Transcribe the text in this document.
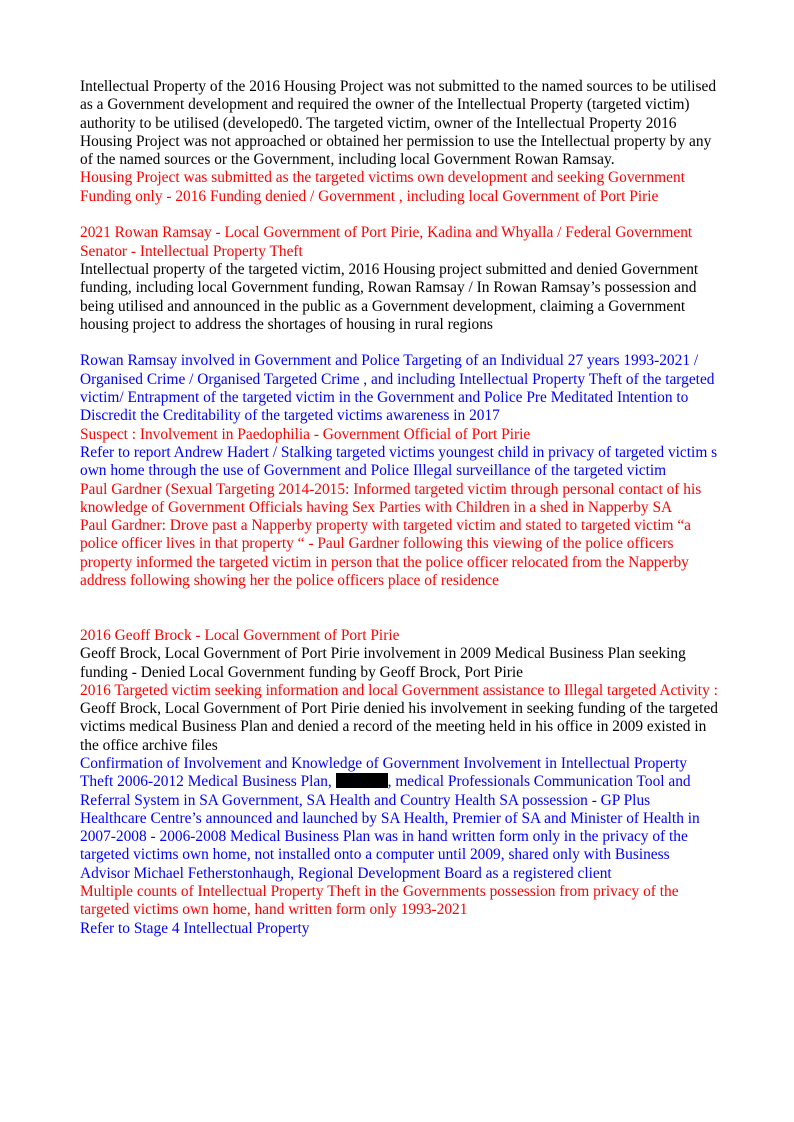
Intellectual Property of the 2016 Housing Project was not submitted to the named sources to be utilised as a Government development and required the owner of the Intellectual Property (targeted victim) authority to be utilised (developed0. The targeted victim, owner of the Intellectual Property 2016 Housing Project was not approached or obtained her permission to use the Intellectual property by any of the named sources or the Government, including local Government Rowan Ramsay.

Housing Project was submitted as the targeted victims own development and seeking Government Funding only - 2016 Funding denied / Government , including local Government of Port Pirie

2021 Rowan Ramsay - Local Government of Port Pirie, Kadina and Whyalla / Federal Government Senator - Intellectual Property Theft

Intellectual property of the targeted victim, 2016 Housing project submitted and denied Government funding, including local Government funding, Rowan Ramsay / In Rowan Ramsay’s possession and being utilised and announced in the public as a Government development, claiming a Government housing project to address the shortages of housing in rural regions

Rowan Ramsay involved in Government and Police Targeting of an Individual 27 years 1993-2021 / Organised Crime / Organised Targeted Crime , and including Intellectual Property Theft of the targeted victim/ Entrapment of the targeted victim in the Government and Police Pre Meditated Intention to Discredit the Creditability of the targeted victims awareness in 2017

Suspect : Involvement in Paedophilia - Government Official of Port Pirie

Refer to report Andrew Hadert / Stalking targeted victims youngest child in privacy of targeted victim s own home through the use of Government and Police Illegal surveillance of the targeted victim

Paul Gardner (Sexual Targeting 2014-2015: Informed targeted victim through personal contact of his knowledge of Government Officials having Sex Parties with Children in a shed in Napperby SA

Paul Gardner: Drove past a Napperby property with targeted victim and stated to targeted victim “a police officer lives in that property “ - Paul Gardner following this viewing of the police officers property informed the targeted victim in person that the police officer relocated from the Napperby address following showing her the police officers place of residence

2016 Geoff Brock - Local Government of Port Pirie

Geoff Brock, Local Government of Port Pirie involvement in 2009 Medical Business Plan seeking funding - Denied Local Government funding by Geoff Brock, Port Pirie

2016 Targeted victim seeking information and local Government assistance to Illegal targeted Activity :

Geoff Brock, Local Government of Port Pirie denied his involvement in seeking funding of the targeted victims medical Business Plan and denied a record of the meeting held in his office in 2009 existed in the office archive files

Confirmation of Involvement and Knowledge of Government Involvement in Intellectual Property Theft 2006-2012 Medical Business Plan,	, medical Professionals Communication Tool and Referral System in SA Government, SA Health and Country Health SA possession - GP Plus Healthcare Centre’s announced and launched by SA Health, Premier of SA and Minister of Health in 2007-2008 - 2006-2008 Medical Business Plan was in hand written form only in the privacy of the targeted victims own home, not installed onto a computer until 2009, shared only with Business Advisor Michael Fetherstonhaugh, Regional Development Board as a registered client

Multiple counts of Intellectual Property Theft in the Governments possession from privacy of the targeted victims own home, hand written form only 1993-2021

Refer to Stage 4 Intellectual Property
